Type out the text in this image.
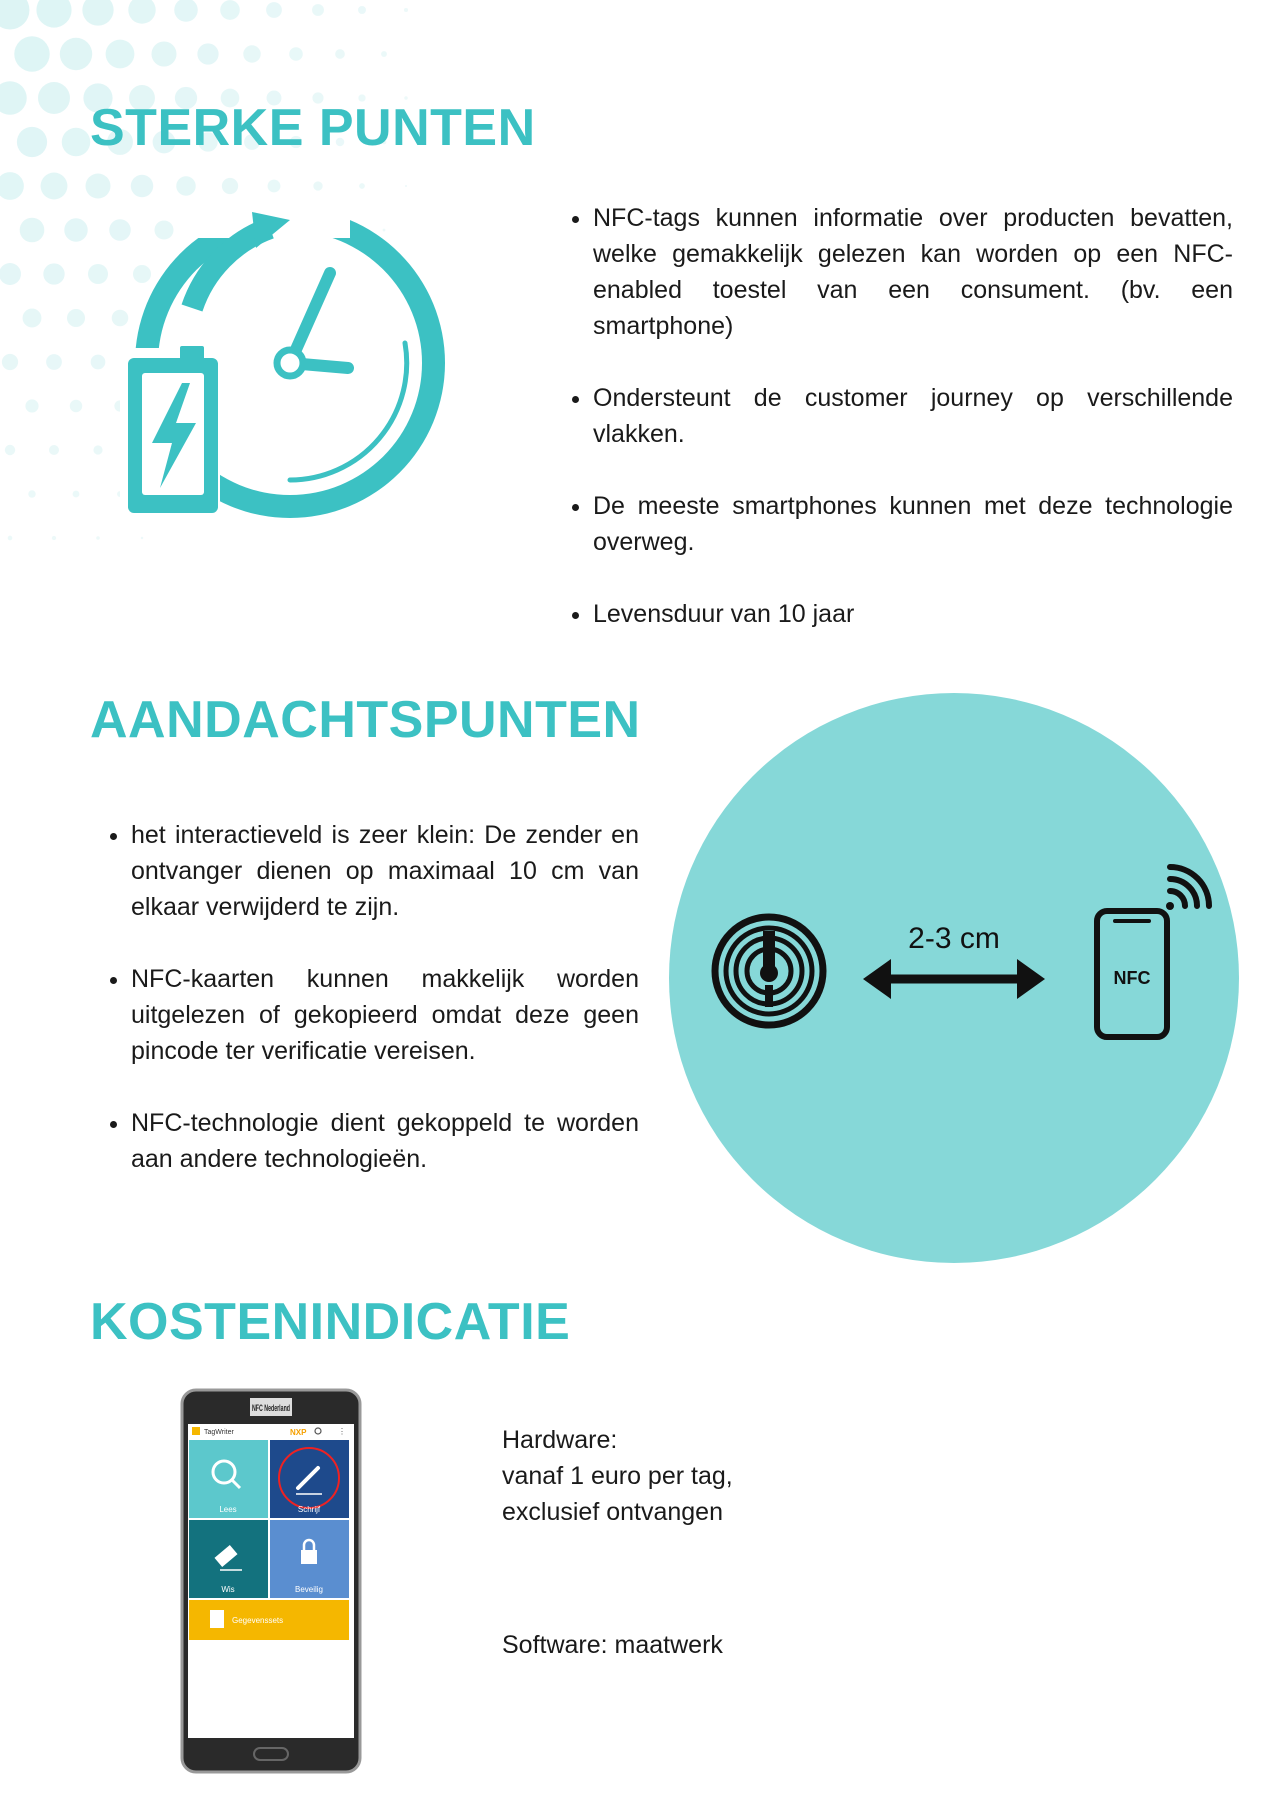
STERKE PUNTEN
• NFC-tags kunnen informatie over producten bevatten, welke gemakkelijk gelezen kan worden op een NFC-enabled toestel van een consument. (bv. een smartphone)
• Ondersteunt de customer journey op verschillende vlakken.
• De meeste smartphones kunnen met deze technologie overweg.
• Levensduur van 10 jaar
AANDACHTSPUNTEN
• het interactieveld is zeer klein: De zender en ontvanger dienen op maximaal 10 cm van elkaar verwijderd te zijn.
• NFC-kaarten kunnen makkelijk worden uitgelezen of gekopieerd omdat deze geen pincode ter verificatie vereisen.
• NFC-technologie dient gekoppeld te worden aan andere technologieën.
2-3 cm
NFC
KOSTENINDICATIE
NFC Nederland
TagWriter	NXP	⋮
Lees	Schrijf
Wis	Beveilig
Gegevenssets

Hardware:
vanaf 1 euro per tag,
exclusief ontvangen

Software: maatwerk
